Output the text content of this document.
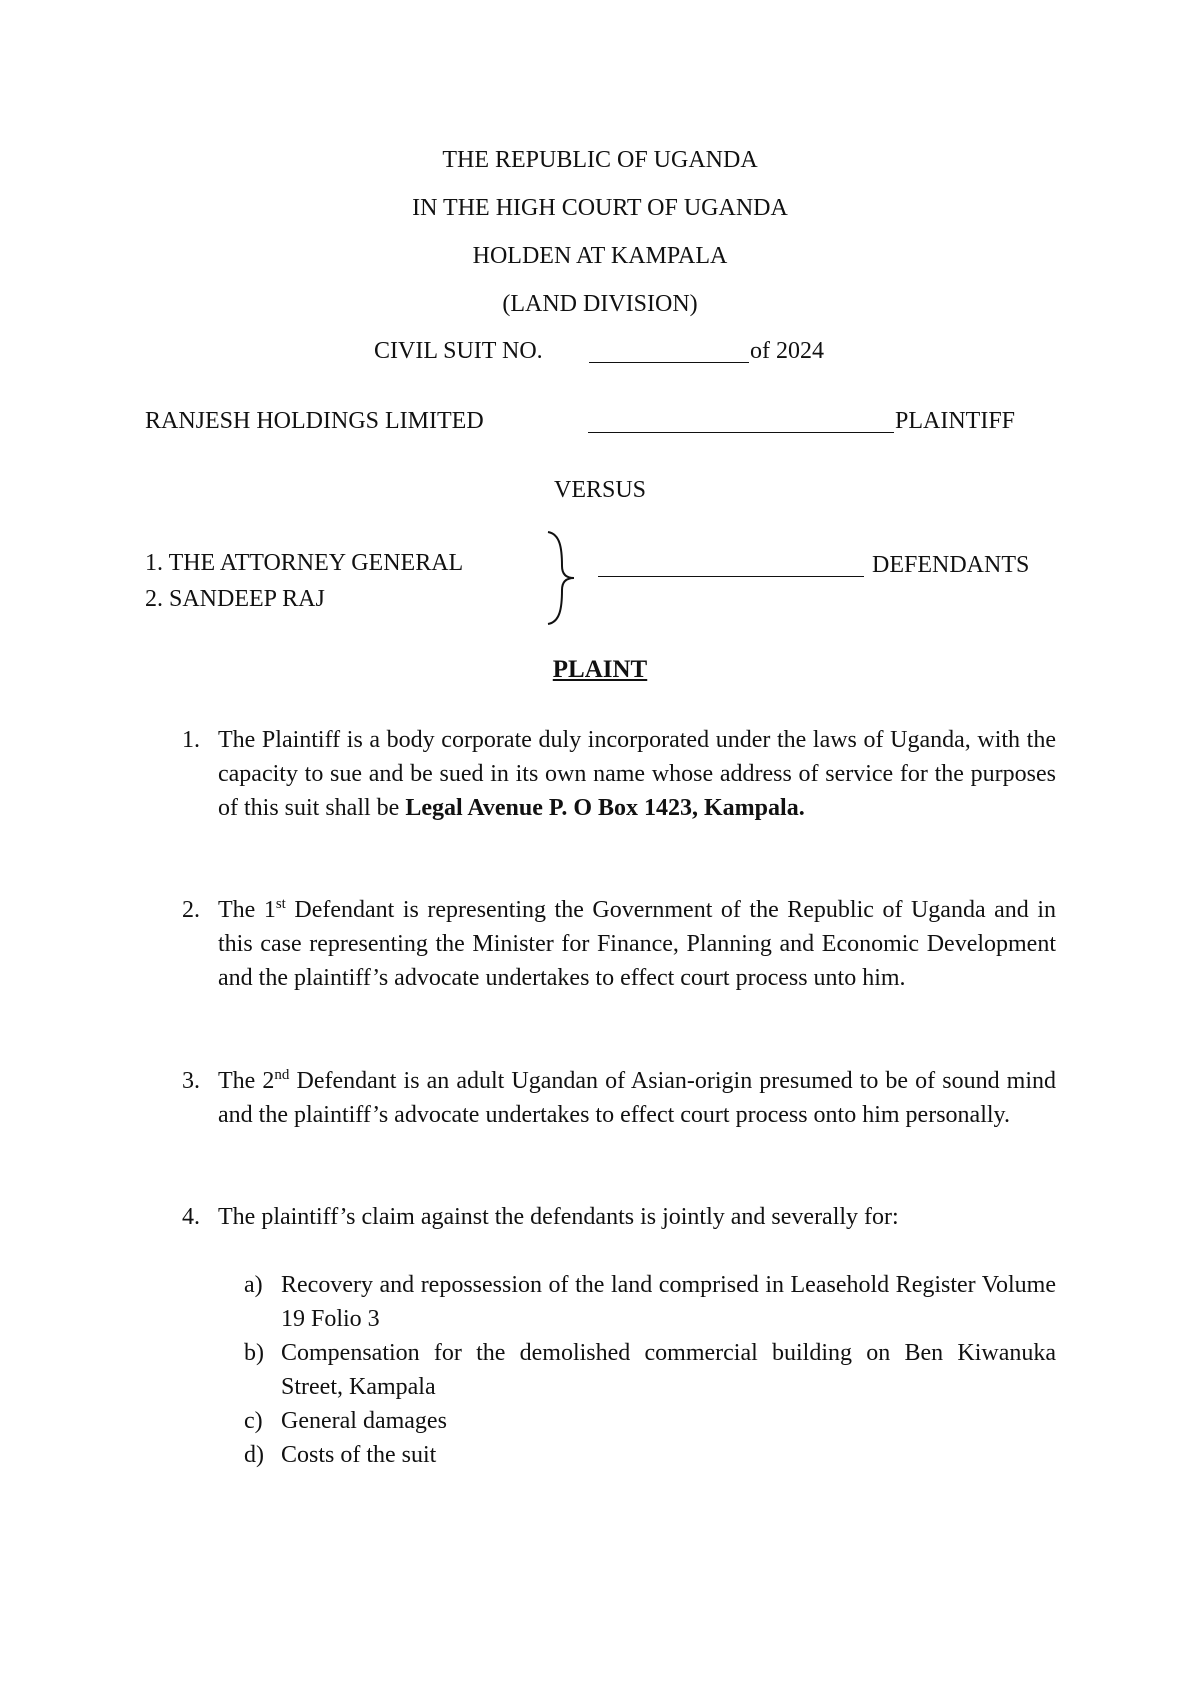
THE REPUBLIC OF UGANDA
IN THE HIGH COURT OF UGANDA
HOLDEN AT KAMPALA
(LAND DIVISION)
CIVIL SUIT NO.	of 2024
RANJESH HOLDINGS LIMITED	PLAINTIFF
VERSUS
1. THE ATTORNEY GENERAL
2. SANDEEP RAJ
DEFENDANTS
PLAINT
1. The Plaintiff is a body corporate duly incorporated under the laws of Uganda, with the capacity to sue and be sued in its own name whose address of service for the purposes of this suit shall be Legal Avenue P. O Box 1423, Kampala.
2. The 1st Defendant is representing the Government of the Republic of Uganda and in this case representing the Minister for Finance, Planning and Economic Development and the plaintiff’s advocate undertakes to effect court process unto him.
3. The 2nd Defendant is an adult Ugandan of Asian-origin presumed to be of sound mind and the plaintiff’s advocate undertakes to effect court process onto him personally.
4. The plaintiff’s claim against the defendants is jointly and severally for:
a) Recovery and repossession of the land comprised in Leasehold Register Volume 19 Folio 3
b) Compensation for the demolished commercial building on Ben Kiwanuka Street, Kampala
c) General damages
d) Costs of the suit
